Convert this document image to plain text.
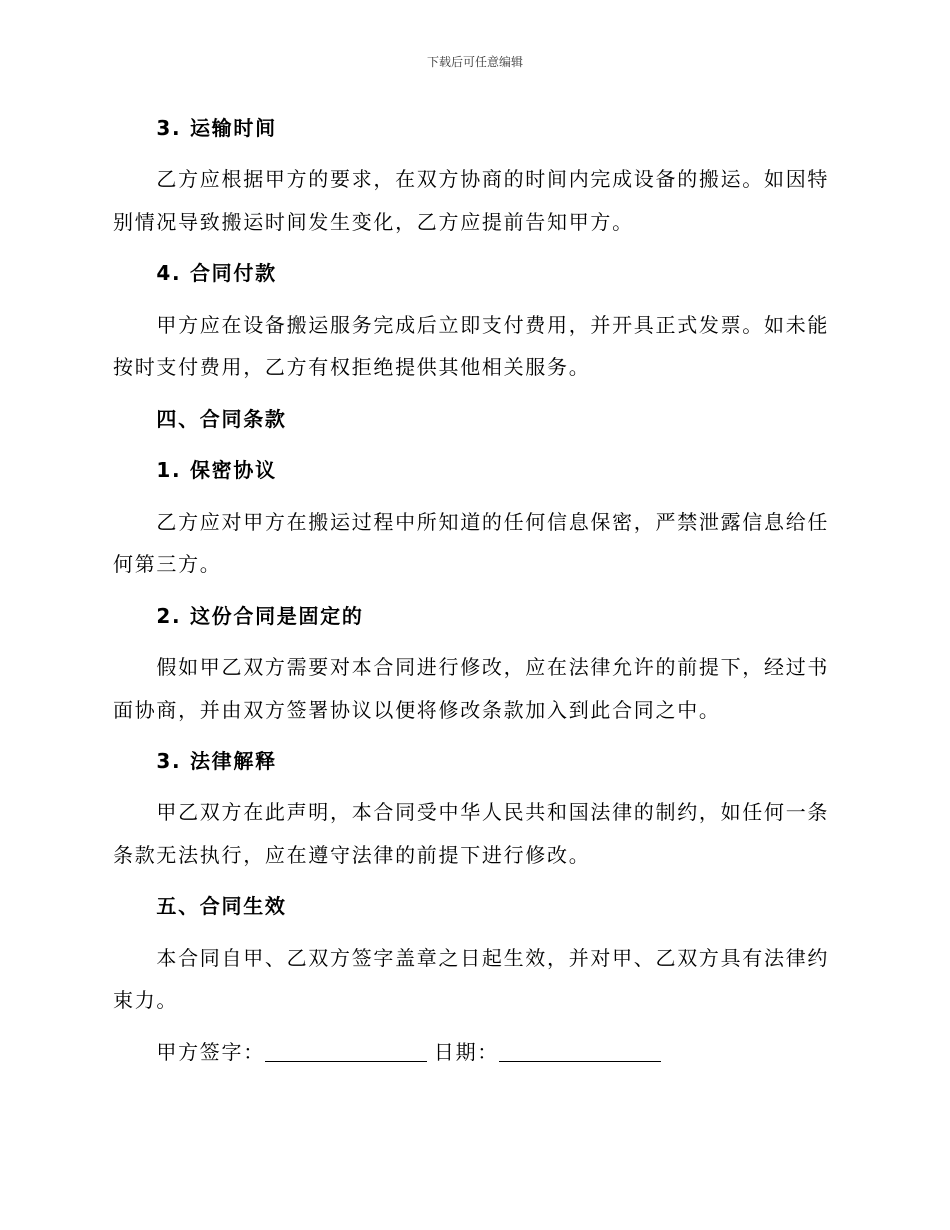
下载后可任意编辑
3. 运输时间
乙方应根据甲方的要求，在双方协商的时间内完成设备的搬运。如因特别情况导致搬运时间发生变化，乙方应提前告知甲方。
4. 合同付款
甲方应在设备搬运服务完成后立即支付费用，并开具正式发票。如未能按时支付费用，乙方有权拒绝提供其他相关服务。
四、合同条款
1. 保密协议
乙方应对甲方在搬运过程中所知道的任何信息保密，严禁泄露信息给任何第三方。
2. 这份合同是固定的
假如甲乙双方需要对本合同进行修改，应在法律允许的前提下，经过书面协商，并由双方签署协议以便将修改条款加入到此合同之中。
3. 法律解释
甲乙双方在此声明，本合同受中华人民共和国法律的制约，如任何一条条款无法执行，应在遵守法律的前提下进行修改。
五、合同生效
本合同自甲、乙双方签字盖章之日起生效，并对甲、乙双方具有法律约束力。
甲方签字：	日期：
